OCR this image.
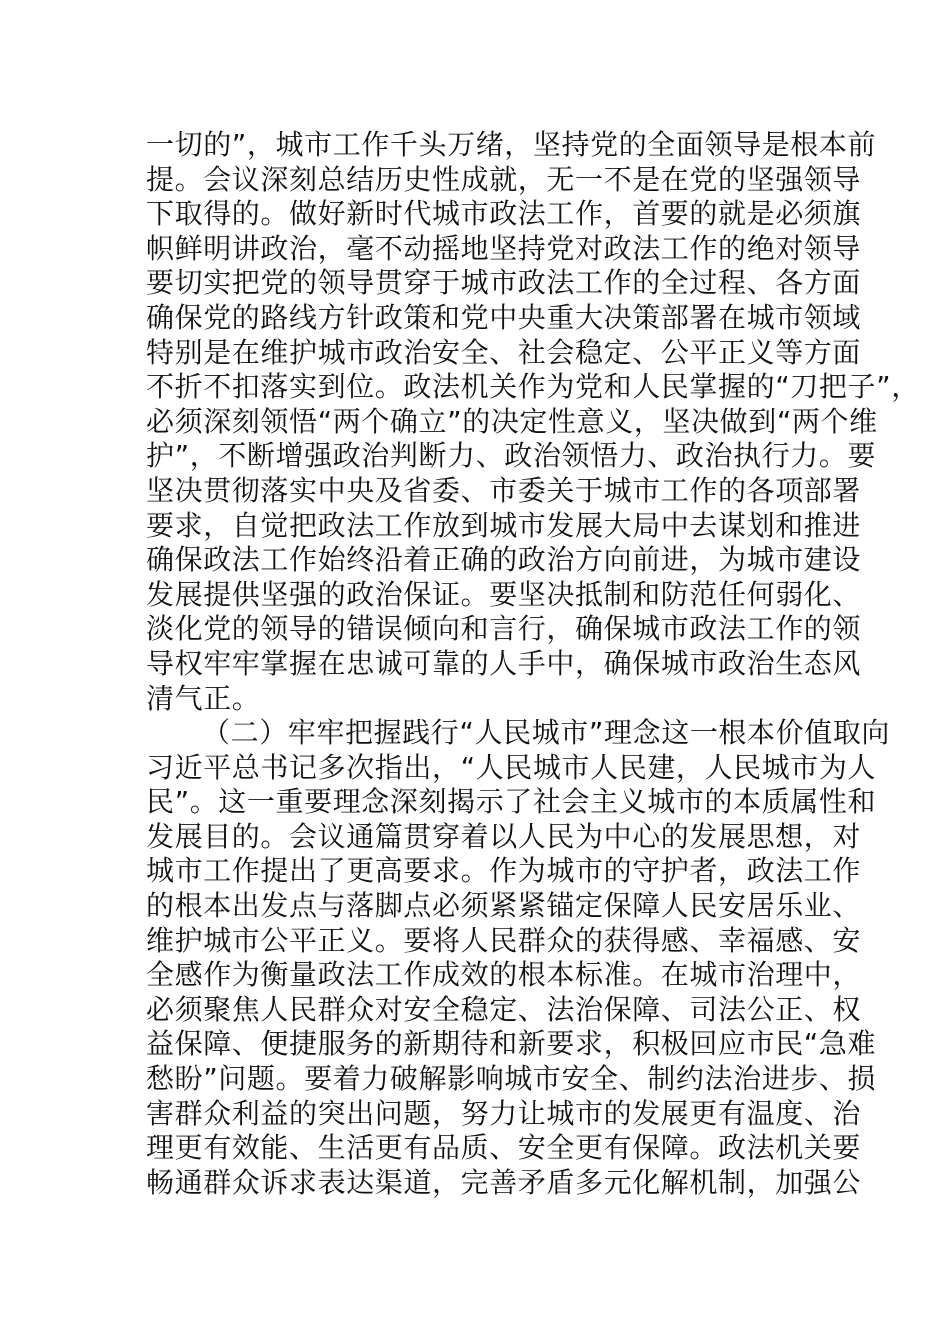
一切的”，城市工作千头万绪，坚持党的全面领导是根本前
提。会议深刻总结历史性成就，无一不是在党的坚强领导
下取得的。做好新时代城市政法工作，首要的就是必须旗
帜鲜明讲政治，毫不动摇地坚持党对政法工作的绝对领导
要切实把党的领导贯穿于城市政法工作的全过程、各方面
确保党的路线方针政策和党中央重大决策部署在城市领域
特别是在维护城市政治安全、社会稳定、公平正义等方面
不折不扣落实到位。政法机关作为党和人民掌握的“刀把子”，
必须深刻领悟“两个确立”的决定性意义，坚决做到“两个维
护”，不断增强政治判断力、政治领悟力、政治执行力。要
坚决贯彻落实中央及省委、市委关于城市工作的各项部署
要求，自觉把政法工作放到城市发展大局中去谋划和推进
确保政法工作始终沿着正确的政治方向前进，为城市建设
发展提供坚强的政治保证。要坚决抵制和防范任何弱化、
淡化党的领导的错误倾向和言行，确保城市政法工作的领
导权牢牢掌握在忠诚可靠的人手中，确保城市政治生态风
清气正。
（二）牢牢把握践行“人民城市”理念这一根本价值取向
习近平总书记多次指出，“人民城市人民建，人民城市为人
民”。这一重要理念深刻揭示了社会主义城市的本质属性和
发展目的。会议通篇贯穿着以人民为中心的发展思想，对
城市工作提出了更高要求。作为城市的守护者，政法工作
的根本出发点与落脚点必须紧紧锚定保障人民安居乐业、
维护城市公平正义。要将人民群众的获得感、幸福感、安
全感作为衡量政法工作成效的根本标准。在城市治理中，
必须聚焦人民群众对安全稳定、法治保障、司法公正、权
益保障、便捷服务的新期待和新要求，积极回应市民“急难
愁盼”问题。要着力破解影响城市安全、制约法治进步、损
害群众利益的突出问题，努力让城市的发展更有温度、治
理更有效能、生活更有品质、安全更有保障。政法机关要
畅通群众诉求表达渠道，完善矛盾多元化解机制，加强公
